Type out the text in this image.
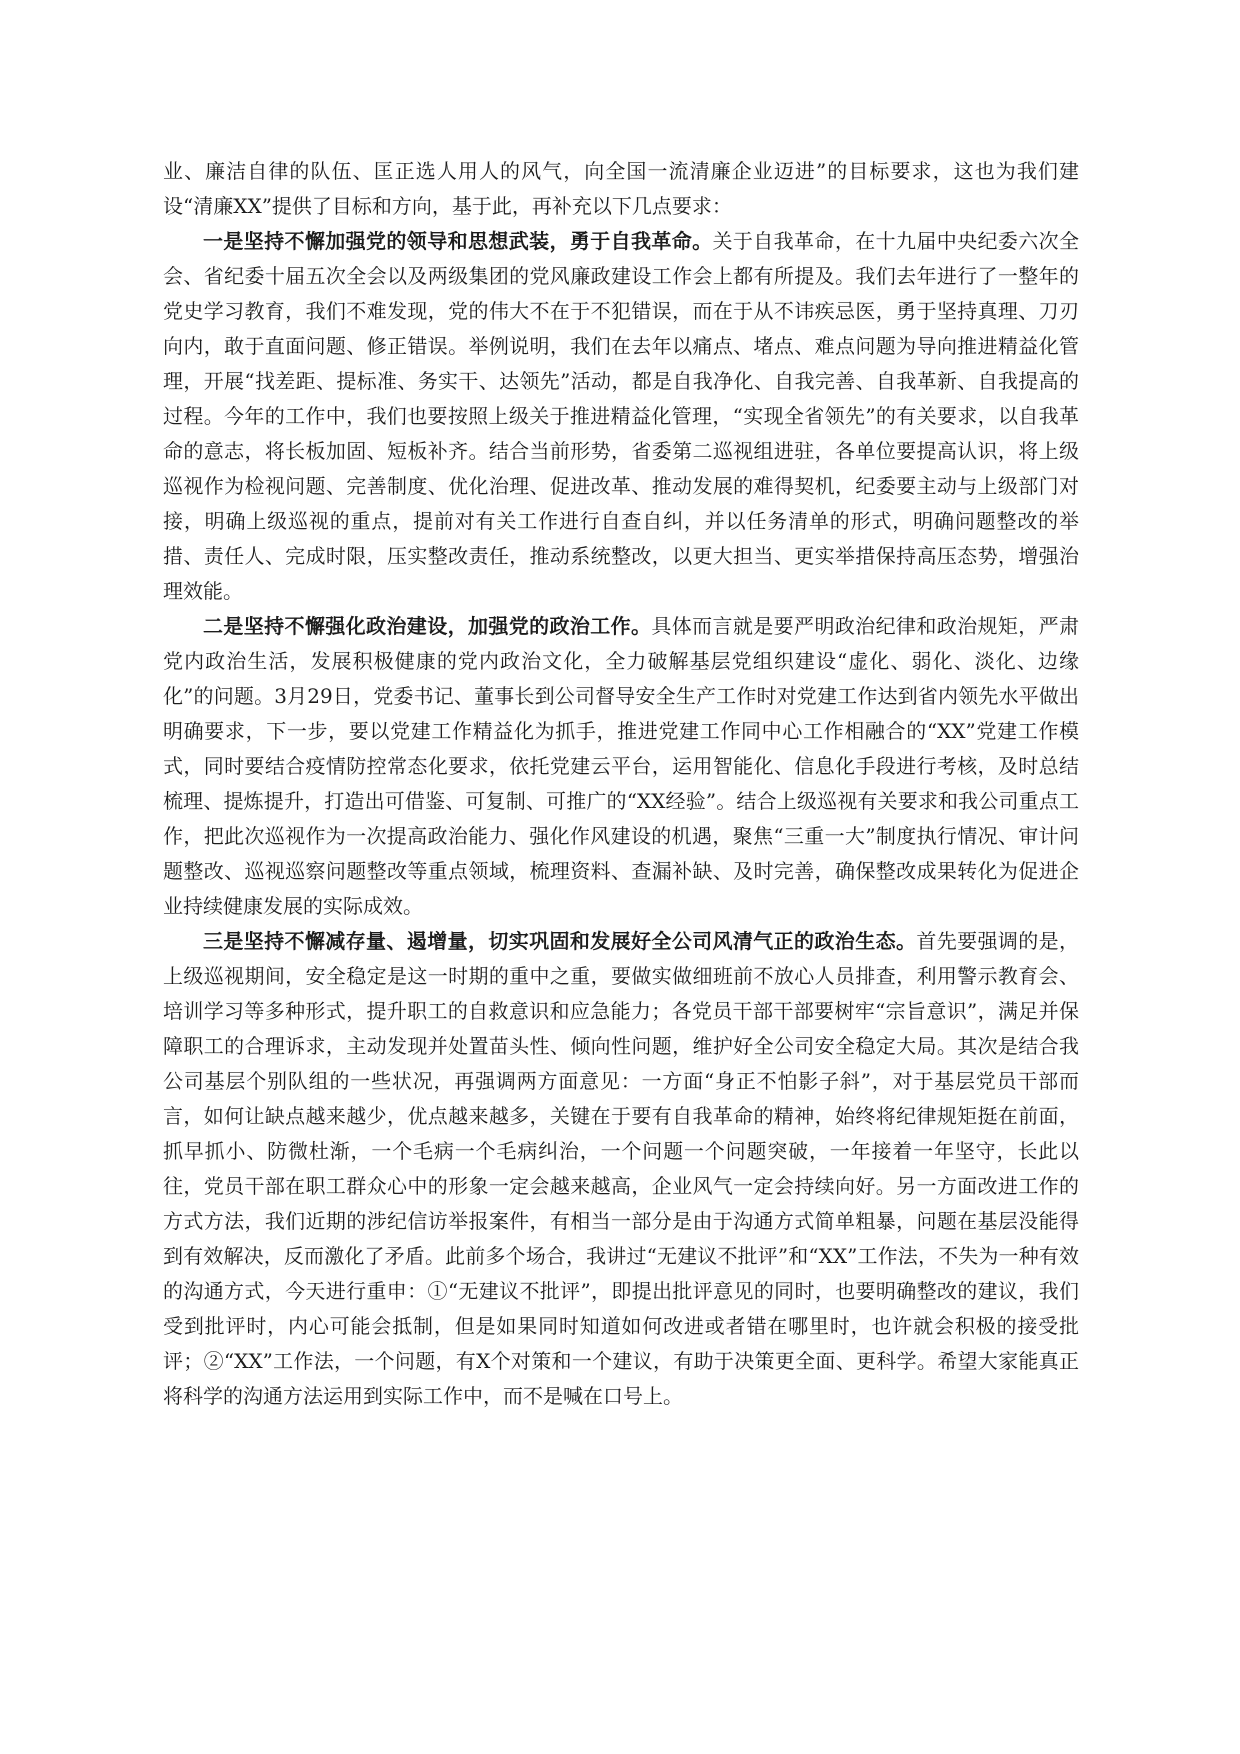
业、廉洁自律的队伍、匡正选人用人的风气，向全国一流清廉企业迈进”的目标要求，这也为我们建设“清廉XX”提供了目标和方向，基于此，再补充以下几点要求：

一是坚持不懈加强党的领导和思想武装，勇于自我革命。关于自我革命，在十九届中央纪委六次全会、省纪委十届五次全会以及两级集团的党风廉政建设工作会上都有所提及。我们去年进行了一整年的党史学习教育，我们不难发现，党的伟大不在于不犯错误，而在于从不讳疾忌医，勇于坚持真理、刀刃向内，敢于直面问题、修正错误。举例说明，我们在去年以痛点、堵点、难点问题为导向推进精益化管理，开展“找差距、提标准、务实干、达领先”活动，都是自我净化、自我完善、自我革新、自我提高的过程。今年的工作中，我们也要按照上级关于推进精益化管理，“实现全省领先”的有关要求，以自我革命的意志，将长板加固、短板补齐。结合当前形势，省委第二巡视组进驻，各单位要提高认识，将上级巡视作为检视问题、完善制度、优化治理、促进改革、推动发展的难得契机，纪委要主动与上级部门对接，明确上级巡视的重点，提前对有关工作进行自查自纠，并以任务清单的形式，明确问题整改的举措、责任人、完成时限，压实整改责任，推动系统整改，以更大担当、更实举措保持高压态势，增强治理效能。

二是坚持不懈强化政治建设，加强党的政治工作。具体而言就是要严明政治纪律和政治规矩，严肃党内政治生活，发展积极健康的党内政治文化，全力破解基层党组织建设“虚化、弱化、淡化、边缘化”的问题。3月29日，党委书记、董事长到公司督导安全生产工作时对党建工作达到省内领先水平做出明确要求，下一步，要以党建工作精益化为抓手，推进党建工作同中心工作相融合的“XX”党建工作模式，同时要结合疫情防控常态化要求，依托党建云平台，运用智能化、信息化手段进行考核，及时总结梳理、提炼提升，打造出可借鉴、可复制、可推广的“XX经验”。结合上级巡视有关要求和我公司重点工作，把此次巡视作为一次提高政治能力、强化作风建设的机遇，聚焦“三重一大”制度执行情况、审计问题整改、巡视巡察问题整改等重点领域，梳理资料、查漏补缺、及时完善，确保整改成果转化为促进企业持续健康发展的实际成效。

三是坚持不懈减存量、遏增量，切实巩固和发展好全公司风清气正的政治生态。首先要强调的是，上级巡视期间，安全稳定是这一时期的重中之重，要做实做细班前不放心人员排查，利用警示教育会、培训学习等多种形式，提升职工的自救意识和应急能力；各党员干部干部要树牢“宗旨意识”，满足并保障职工的合理诉求，主动发现并处置苗头性、倾向性问题，维护好全公司安全稳定大局。其次是结合我公司基层个别队组的一些状况，再强调两方面意见：一方面“身正不怕影子斜”，对于基层党员干部而言，如何让缺点越来越少，优点越来越多，关键在于要有自我革命的精神，始终将纪律规矩挺在前面，抓早抓小、防微杜渐，一个毛病一个毛病纠治，一个问题一个问题突破，一年接着一年坚守，长此以往，党员干部在职工群众心中的形象一定会越来越高，企业风气一定会持续向好。另一方面改进工作的方式方法，我们近期的涉纪信访举报案件，有相当一部分是由于沟通方式简单粗暴，问题在基层没能得到有效解决，反而激化了矛盾。此前多个场合，我讲过“无建议不批评”和“XX”工作法，不失为一种有效的沟通方式，今天进行重申：①“无建议不批评”，即提出批评意见的同时，也要明确整改的建议，我们受到批评时，内心可能会抵制，但是如果同时知道如何改进或者错在哪里时，也许就会积极的接受批评；②“XX”工作法，一个问题，有X个对策和一个建议，有助于决策更全面、更科学。希望大家能真正将科学的沟通方法运用到实际工作中，而不是喊在口号上。
